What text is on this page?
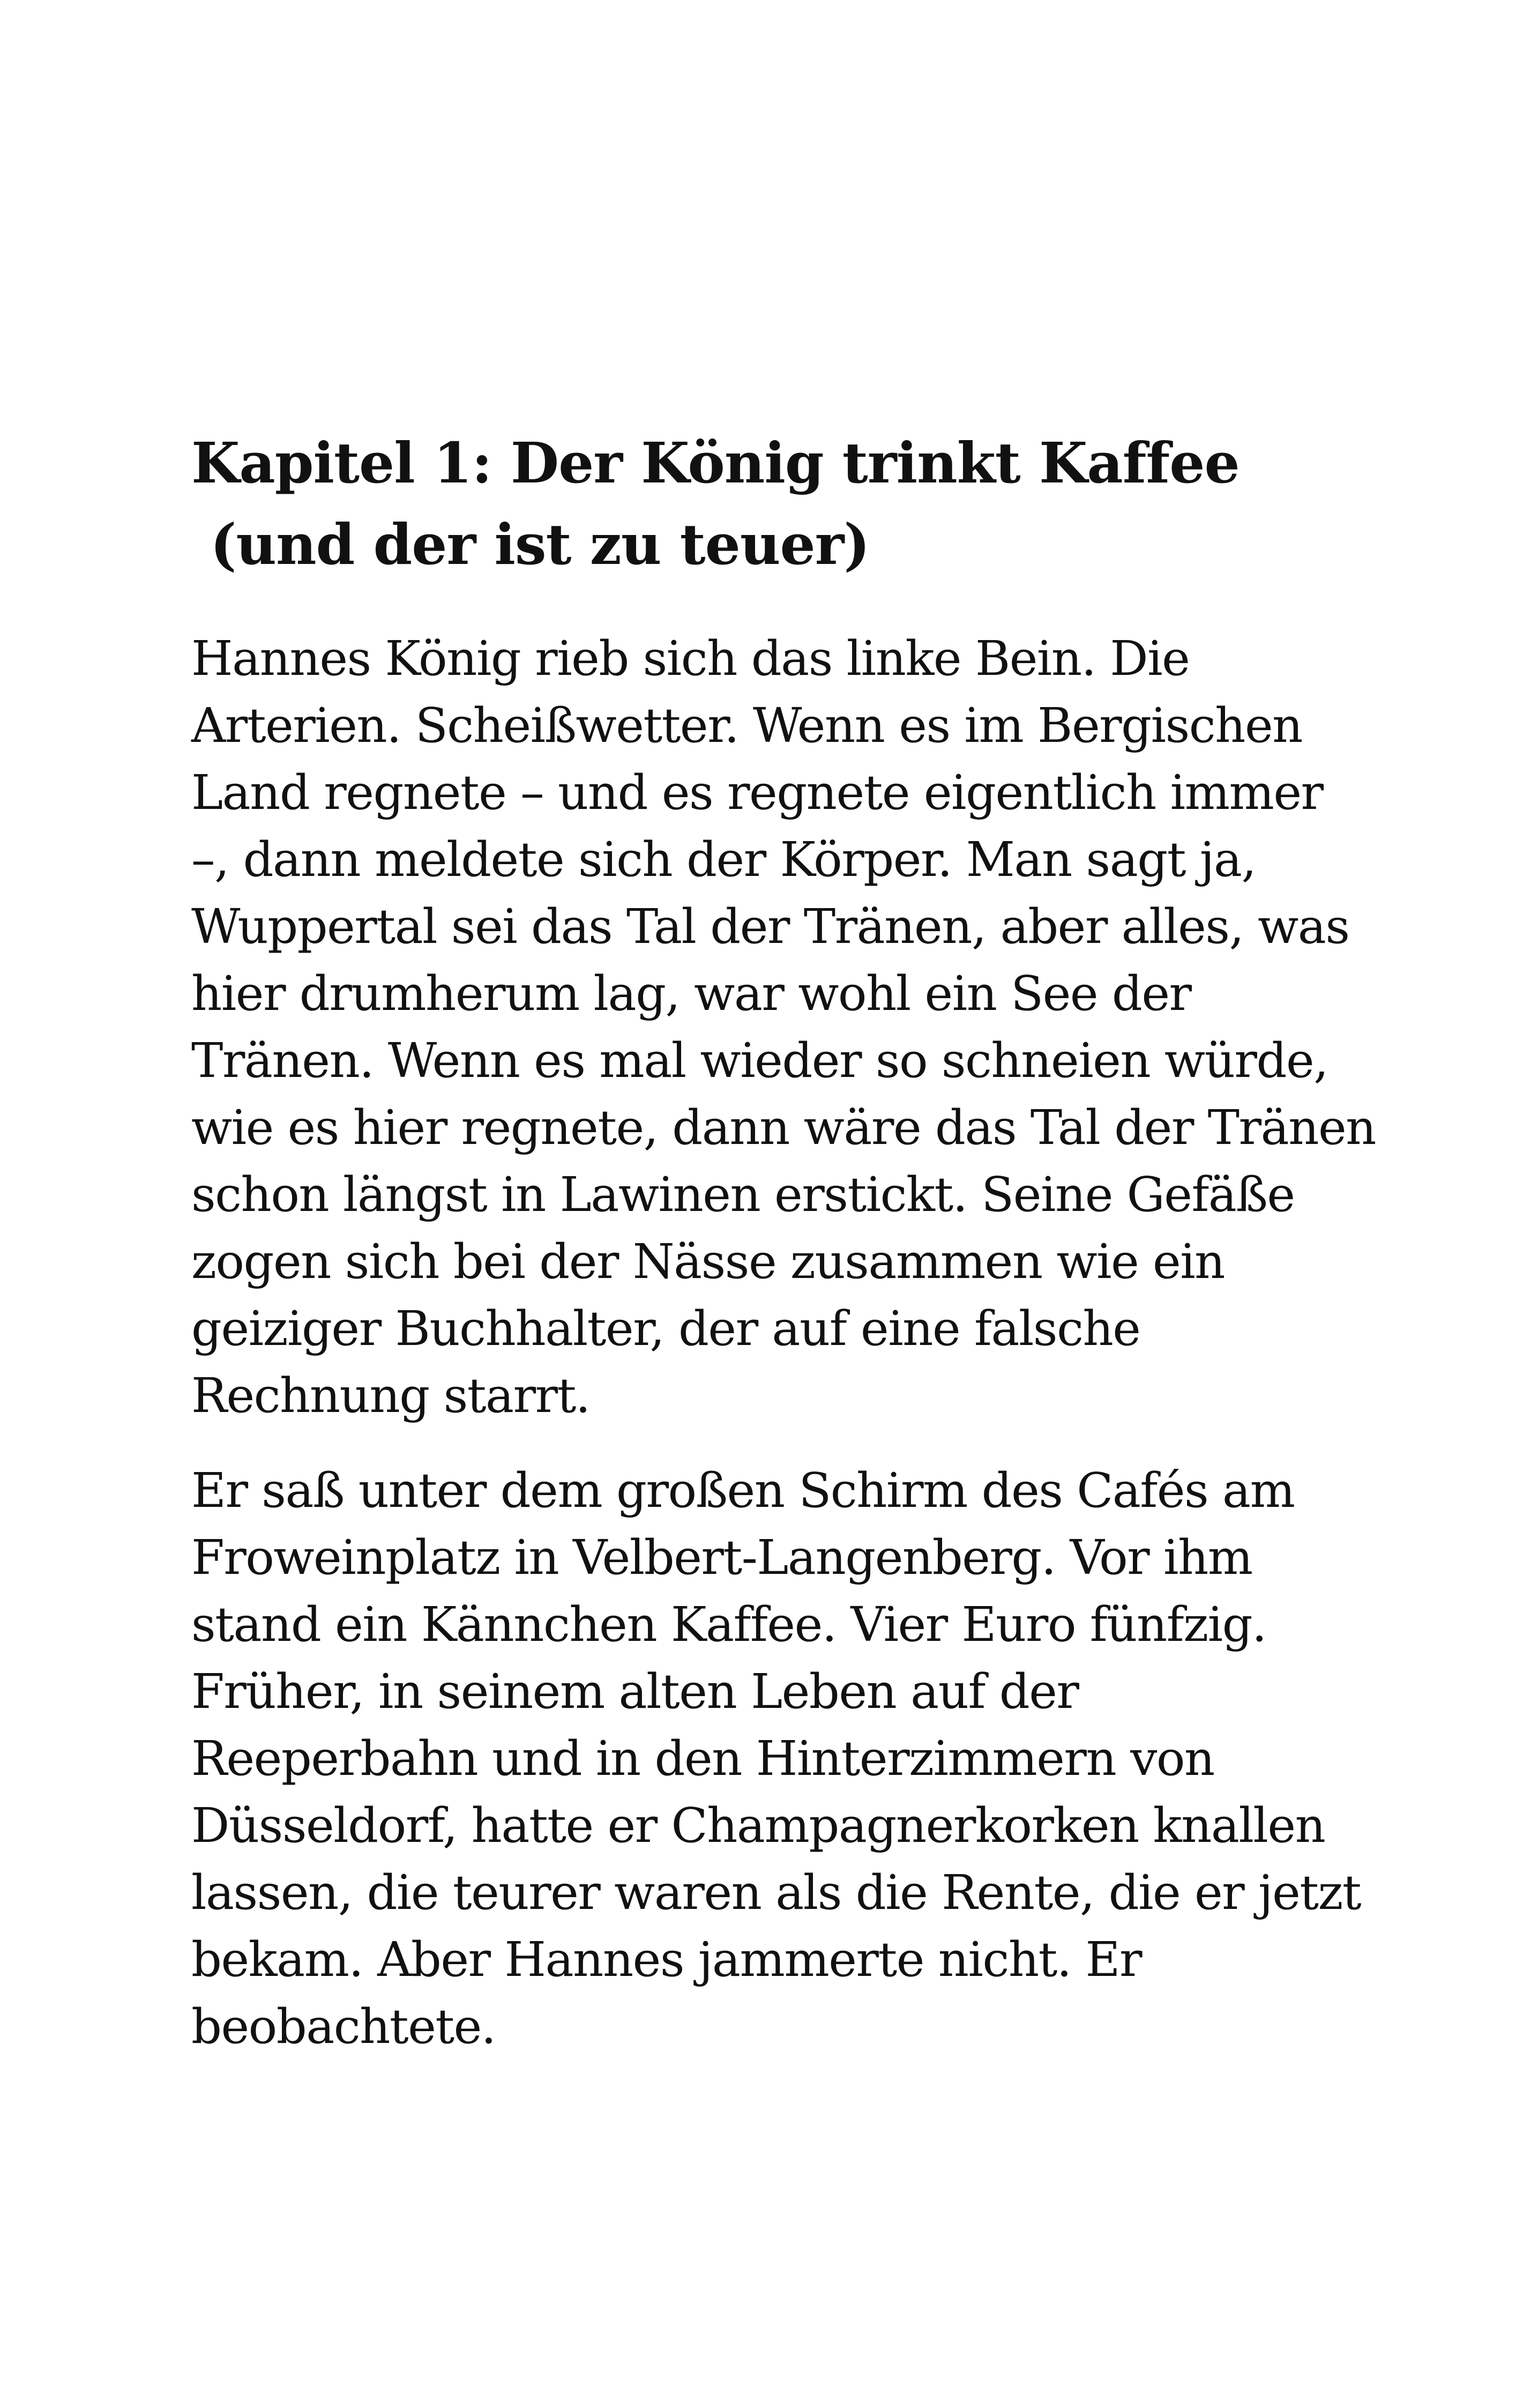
Kapitel 1: Der König trinkt Kaffee
(und der ist zu teuer)

Hannes König rieb sich das linke Bein. Die
Arterien. Scheißwetter. Wenn es im Bergischen
Land regnete – und es regnete eigentlich immer
–, dann meldete sich der Körper. Man sagt ja,
Wuppertal sei das Tal der Tränen, aber alles, was
hier drumherum lag, war wohl ein See der
Tränen. Wenn es mal wieder so schneien würde,
wie es hier regnete, dann wäre das Tal der Tränen
schon längst in Lawinen erstickt. Seine Gefäße
zogen sich bei der Nässe zusammen wie ein
geiziger Buchhalter, der auf eine falsche
Rechnung starrt.

Er saß unter dem großen Schirm des Cafés am
Froweinplatz in Velbert-Langenberg. Vor ihm
stand ein Kännchen Kaffee. Vier Euro fünfzig.
Früher, in seinem alten Leben auf der
Reeperbahn und in den Hinterzimmern von
Düsseldorf, hatte er Champagnerkorken knallen
lassen, die teurer waren als die Rente, die er jetzt
bekam. Aber Hannes jammerte nicht. Er
beobachtete.
